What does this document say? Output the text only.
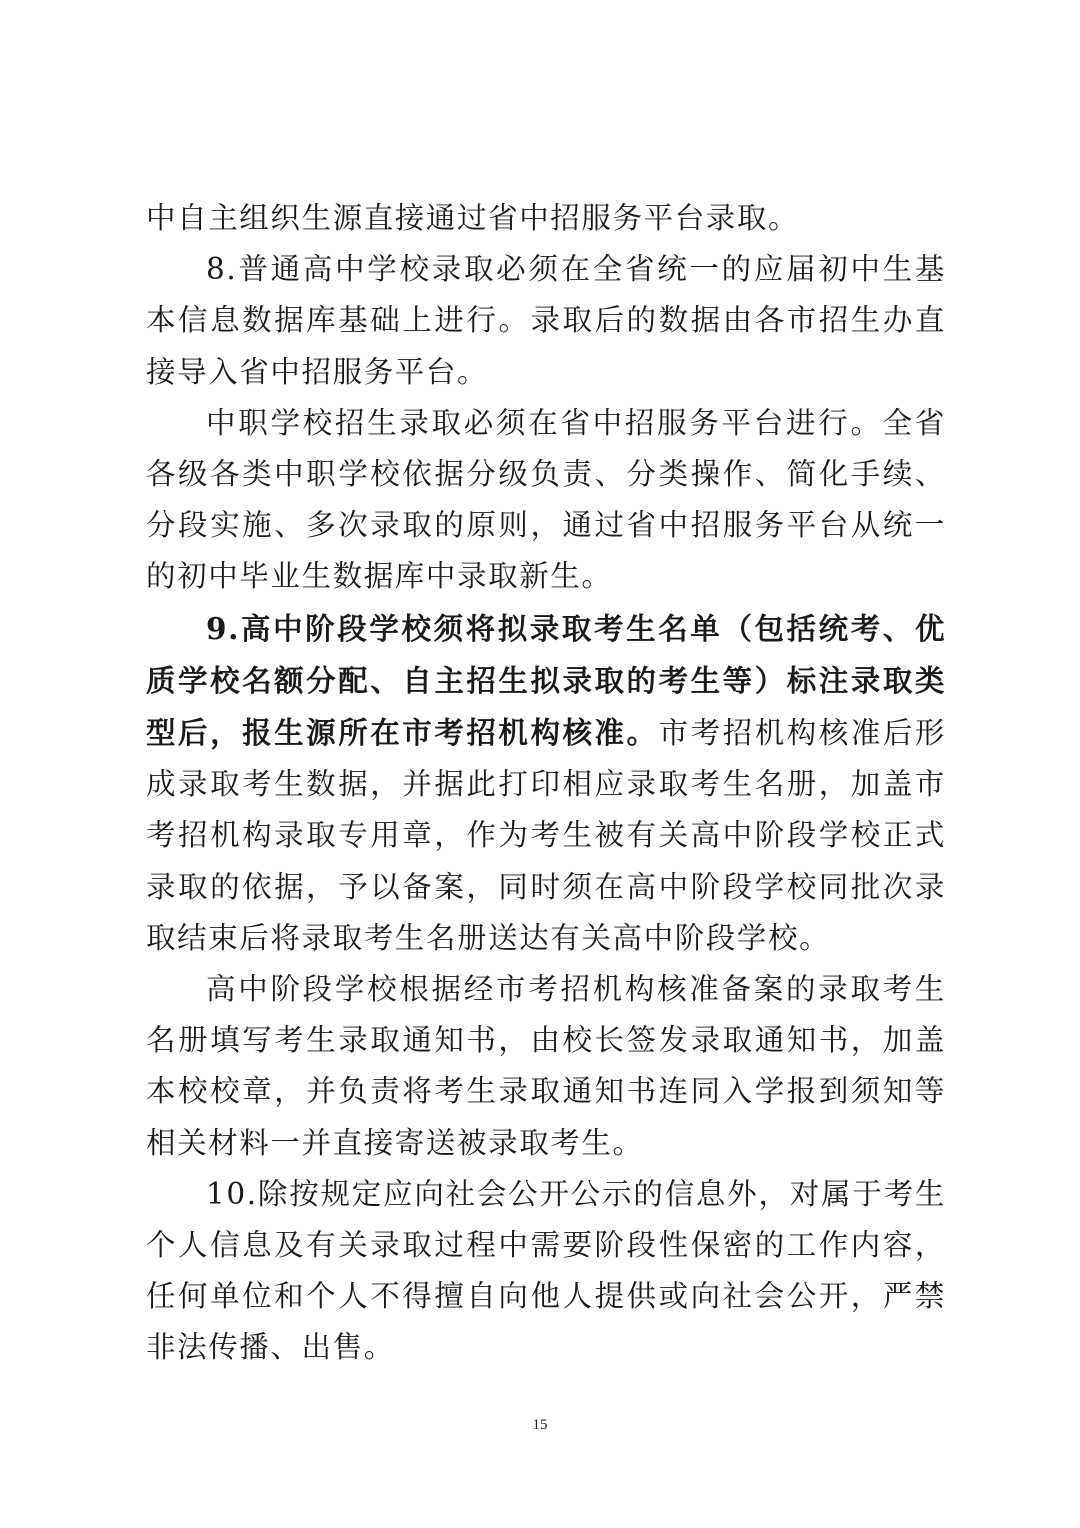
中自主组织生源直接通过省中招服务平台录取。

8.普通高中学校录取必须在全省统一的应届初中生基本信息数据库基础上进行。录取后的数据由各市招生办直接导入省中招服务平台。

中职学校招生录取必须在省中招服务平台进行。全省各级各类中职学校依据分级负责、分类操作、简化手续、分段实施、多次录取的原则，通过省中招服务平台从统一的初中毕业生数据库中录取新生。

9.高中阶段学校须将拟录取考生名单（包括统考、优质学校名额分配、自主招生拟录取的考生等）标注录取类型后，报生源所在市考招机构核准。市考招机构核准后形成录取考生数据，并据此打印相应录取考生名册，加盖市考招机构录取专用章，作为考生被有关高中阶段学校正式录取的依据，予以备案，同时须在高中阶段学校同批次录取结束后将录取考生名册送达有关高中阶段学校。

高中阶段学校根据经市考招机构核准备案的录取考生名册填写考生录取通知书，由校长签发录取通知书，加盖本校校章，并负责将考生录取通知书连同入学报到须知等相关材料一并直接寄送被录取考生。

10.除按规定应向社会公开公示的信息外，对属于考生个人信息及有关录取过程中需要阶段性保密的工作内容，任何单位和个人不得擅自向他人提供或向社会公开，严禁非法传播、出售。

15
